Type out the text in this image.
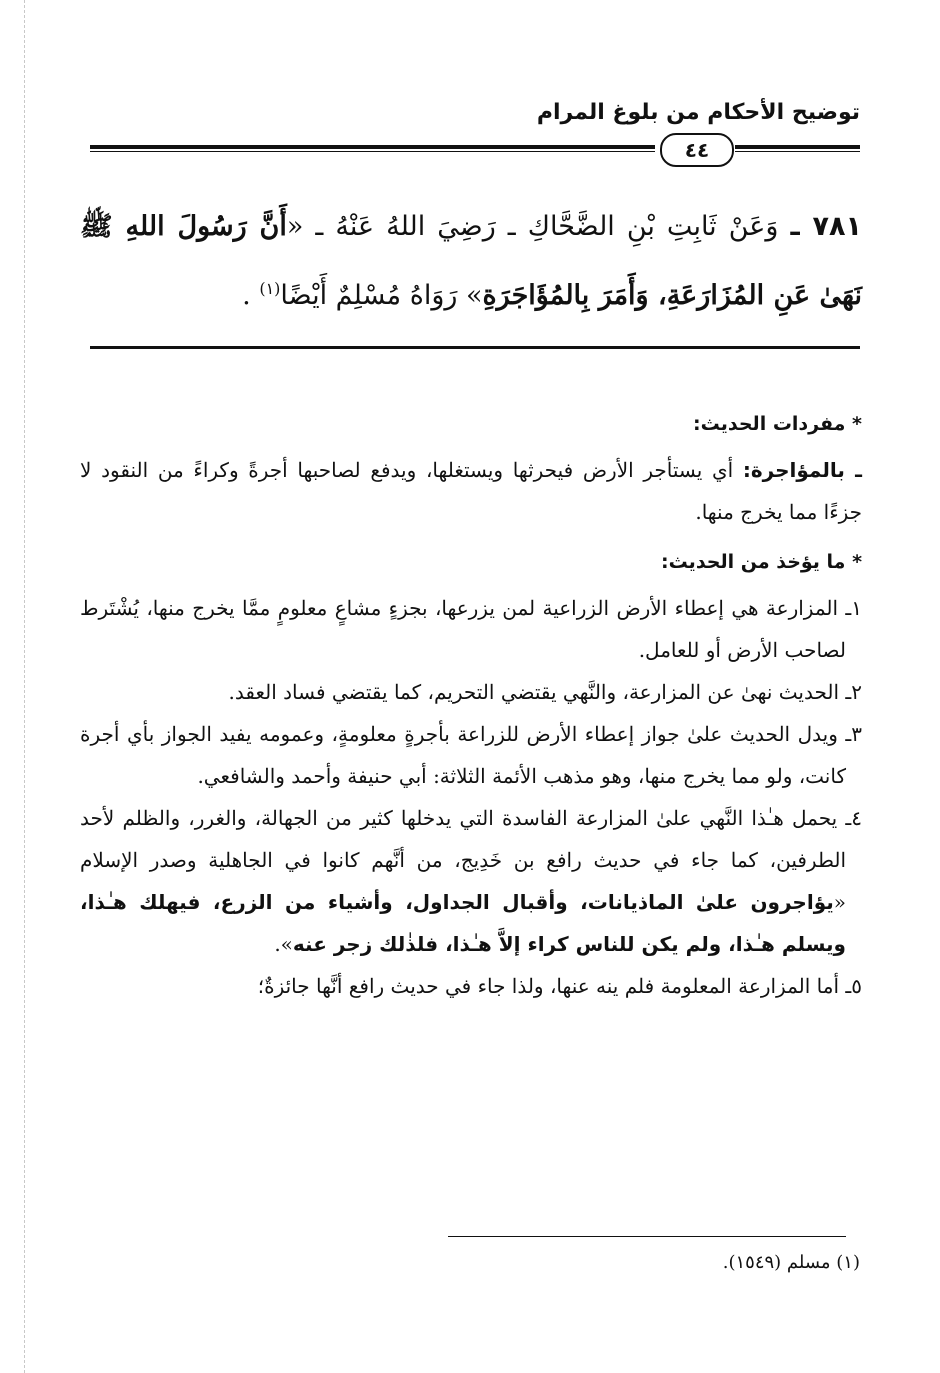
توضيح الأحكام من بلوغ المرام
٤٤
٧٨١ ـ وَعَنْ ثَابِتِ بْنِ الضَّحَّاكِ ـ رَضِيَ اللهُ عَنْهُ ـ «أَنَّ رَسُولَ اللهِ ﷺ نَهَىٰ عَنِ المُزَارَعَةِ، وَأَمَرَ بِالمُؤَاجَرَةِ» رَوَاهُ مُسْلِمٌ أَيْضًا$^{(١)}$ .
* مفردات الحديث:

ـ بالمؤاجرة: أي يستأجر الأرض فيحرثها ويستغلها، ويدفع لصاحبها أجرةً وكراءً من النقود لا جزءًا مما يخرج منها.

* ما يؤخذ من الحديث:

١ـ المزارعة هي إعطاء الأرض الزراعية لمن يزرعها، بجزءٍ مشاعٍ معلومٍ ممَّا يخرج منها، يُشْتَرط لصاحب الأرض أو للعامل.

٢ـ الحديث نهىٰ عن المزارعة، والنَّهي يقتضي التحريم، كما يقتضي فساد العقد.

٣ـ ويدل الحديث علىٰ جواز إعطاء الأرض للزراعة بأجرةٍ معلومةٍ، وعمومه يفيد الجواز بأي أجرة كانت، ولو مما يخرج منها، وهو مذهب الأئمة الثلاثة: أبي حنيفة وأحمد والشافعي.

٤ـ يحمل هـٰذا النَّهي علىٰ المزارعة الفاسدة التي يدخلها كثير من الجهالة، والغرر، والظلم لأحد الطرفين، كما جاء في حديث رافع بن خَدِيج، من أنَّهم كانوا في الجاهلية وصدر الإسلام «يؤاجرون علىٰ الماذيانات، وأقبال الجداول، وأشياء من الزرع، فيهلك هـٰذا، ويسلم هـٰذا، ولم يكن للناس كراء إلاَّ هـٰذا، فلذٰلك زجر عنه».

٥ـ أما المزارعة المعلومة فلم ينه عنها، ولذا جاء في حديث رافع أنَّها جائزةٌ؛

(١) مسلم (١٥٤٩).
